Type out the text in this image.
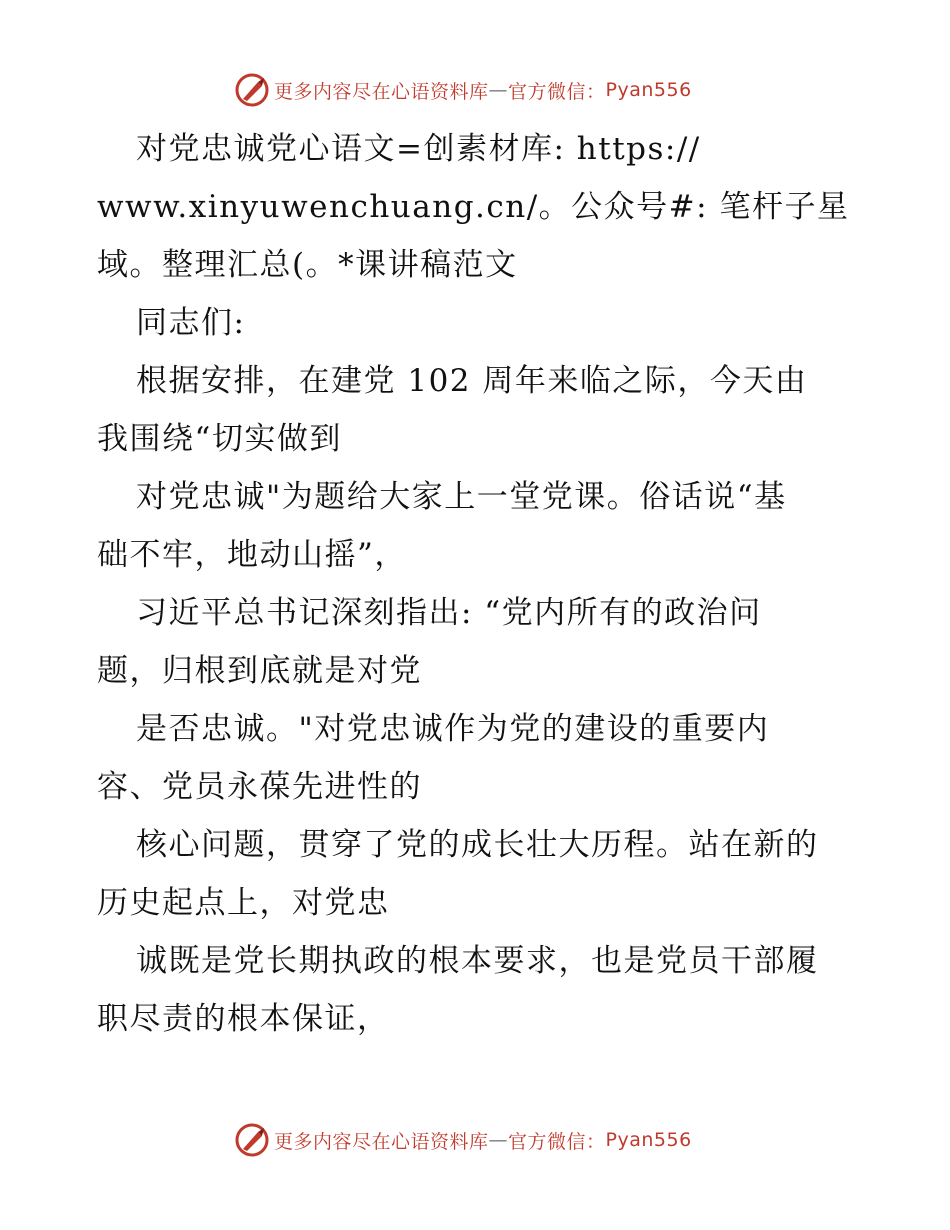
更多内容尽在心语资料库 — 官方微信： Pyan556
对党忠诚党心语文=创素材库: https://
www.xinyuwenchuang.cn/。公众号#: 笔杆子星
域。整理汇总(。*课讲稿范文
同志们:
根据安排，在建党 102 周年来临之际，今天由
我围绕“切实做到
对党忠诚"为题给大家上一堂党课。俗话说“基
础不牢，地动山摇”，
习近平总书记深刻指出: “党内所有的政治问
题，归根到底就是对党
是否忠诚。"对党忠诚作为党的建设的重要内
容、党员永葆先进性的
核心问题，贯穿了党的成长壮大历程。站在新的
历史起点上，对党忠
诚既是党长期执政的根本要求，也是党员干部履
职尽责的根本保证，
更多内容尽在心语资料库 — 官方微信： Pyan556
